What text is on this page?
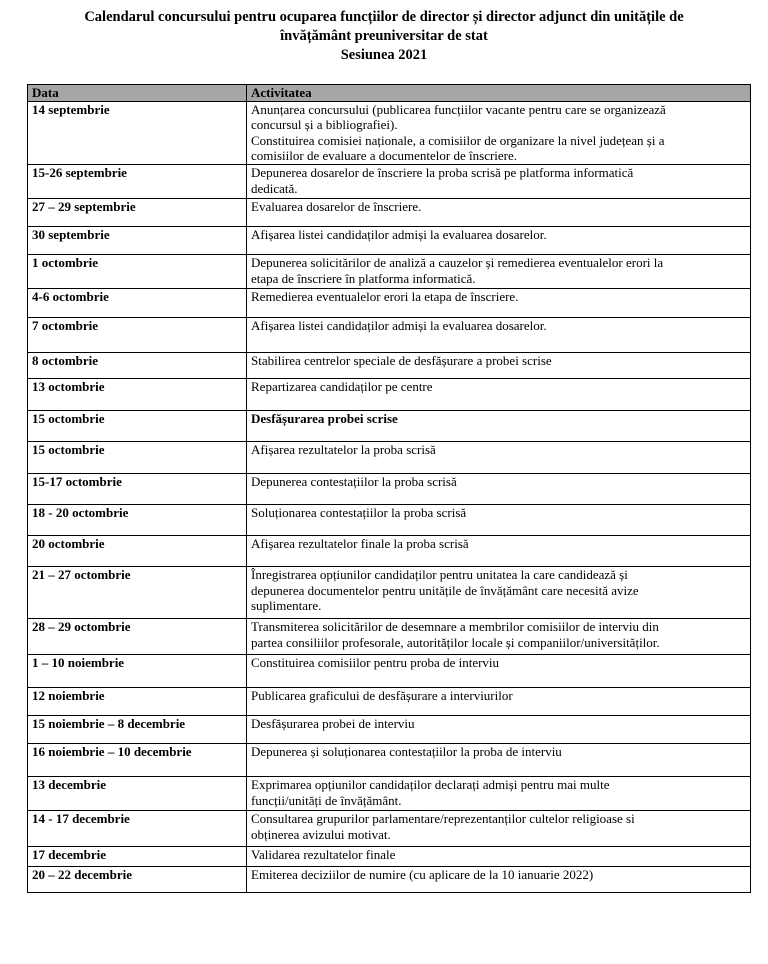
Calendarul concursului pentru ocuparea funcțiilor de director și director adjunct din unitățile de
învățământ preuniversitar de stat
Sesiunea 2021
Data	Activitatea
14 septembrie	Anunțarea concursului (publicarea funcțiilor vacante pentru care se organizează
concursul și a bibliografiei).
Constituirea comisiei naționale, a comisiilor de organizare la nivel județean și a
comisiilor de evaluare a documentelor de înscriere.

15-26 septembrie	Depunerea dosarelor de înscriere la proba scrisă pe platforma informatică
dedicată.

27 – 29 septembrie	Evaluarea dosarelor de înscriere.

30 septembrie	Afișarea listei candidaților admiși la evaluarea dosarelor.

1 octombrie	Depunerea solicitărilor de analiză a cauzelor și remedierea eventualelor erori la
etapa de înscriere în platforma informatică.

4-6 octombrie	Remedierea eventualelor erori la etapa de înscriere.

7 octombrie	Afișarea listei candidaților admiși la evaluarea dosarelor.

8 octombrie	Stabilirea centrelor speciale de desfășurare a probei scrise

13 octombrie	Repartizarea candidaților pe centre

15 octombrie	Desfășurarea probei scrise

15 octombrie	Afișarea rezultatelor la proba scrisă

15-17 octombrie	Depunerea contestațiilor la proba scrisă

18 - 20 octombrie	Soluționarea contestațiilor la proba scrisă

20 octombrie	Afișarea rezultatelor finale la proba scrisă

21 – 27 octombrie	Înregistrarea opțiunilor candidaților pentru unitatea la care candidează și
depunerea documentelor pentru unitățile de învățământ care necesită avize
suplimentare.

28 – 29 octombrie	Transmiterea solicitărilor de desemnare a membrilor comisiilor de interviu din
partea consiliilor profesorale, autorităților locale și companiilor/universităților.

1 – 10 noiembrie	Constituirea comisiilor pentru proba de interviu

12 noiembrie	Publicarea graficului de desfășurare a interviurilor

15 noiembrie – 8 decembrie	Desfășurarea probei de interviu

16 noiembrie – 10 decembrie	Depunerea și soluționarea contestațiilor la proba de interviu

13 decembrie	Exprimarea opțiunilor candidaților declarați admiși pentru mai multe
funcții/unități de învățământ.

14 - 17 decembrie	Consultarea grupurilor parlamentare/reprezentanților cultelor religioase si
obținerea avizului motivat.

17 decembrie	Validarea rezultatelor finale

20 – 22 decembrie	Emiterea deciziilor de numire (cu aplicare de la 10 ianuarie 2022)
